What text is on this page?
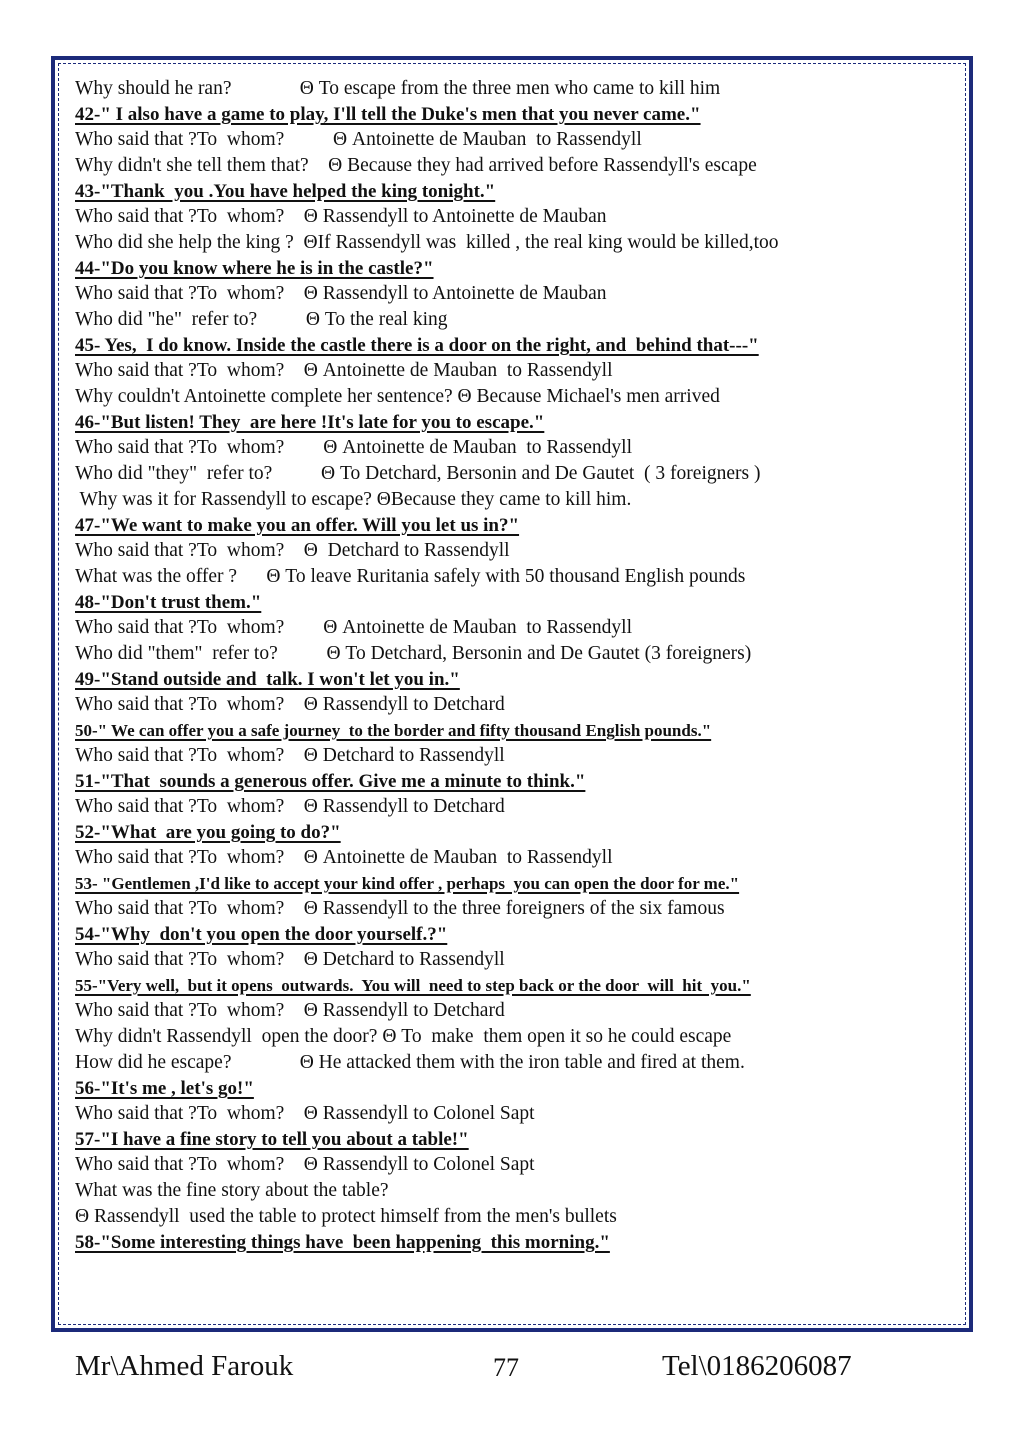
Why should he ran?              Θ To escape from the three men who came to kill him
42-" I also have a game to play, I'll tell the Duke's men that you never came."
Who said that ?To  whom?          Θ Antoinette de Mauban  to Rassendyll
Why didn't she tell them that?    Θ Because they had arrived before Rassendyll's escape
43-"Thank  you .You have helped the king tonight."
Who said that ?To  whom?    Θ Rassendyll to Antoinette de Mauban
Who did she help the king ?  ΘIf Rassendyll was  killed , the real king would be killed,too
44-"Do you know where he is in the castle?"
Who said that ?To  whom?    Θ Rassendyll to Antoinette de Mauban
Who did "he"  refer to?          Θ To the real king
45- Yes,  I do know. Inside the castle there is a door on the right, and  behind that---"
Who said that ?To  whom?    Θ Antoinette de Mauban  to Rassendyll
Why couldn't Antoinette complete her sentence? Θ Because Michael's men arrived
46-"But listen! They  are here !It's late for you to escape."
Who said that ?To  whom?        Θ Antoinette de Mauban  to Rassendyll
Who did "they"  refer to?          Θ To Detchard, Bersonin and De Gautet  ( 3 foreigners )
Why was it for Rassendyll to escape? ΘBecause they came to kill him.
47-"We want to make you an offer. Will you let us in?"
Who said that ?To  whom?    Θ  Detchard to Rassendyll
What was the offer ?      Θ To leave Ruritania safely with 50 thousand English pounds
48-"Don't trust them."
Who said that ?To  whom?        Θ Antoinette de Mauban  to Rassendyll
Who did "them"  refer to?          Θ To Detchard, Bersonin and De Gautet (3 foreigners)
49-"Stand outside and  talk. I won't let you in."
Who said that ?To  whom?    Θ Rassendyll to Detchard
50-" We can offer you a safe journey  to the border and fifty thousand English pounds."
Who said that ?To  whom?    Θ Detchard to Rassendyll
51-"That  sounds a generous offer. Give me a minute to think."
Who said that ?To  whom?    Θ Rassendyll to Detchard
52-"What  are you going to do?"
Who said that ?To  whom?    Θ Antoinette de Mauban  to Rassendyll
53- "Gentlemen ,I'd like to accept your kind offer , perhaps  you can open the door for me."
Who said that ?To  whom?    Θ Rassendyll to the three foreigners of the six famous
54-"Why  don't you open the door yourself.?"
Who said that ?To  whom?    Θ Detchard to Rassendyll
55-"Very well,  but it opens  outwards.  You will  need to step back or the door  will  hit  you."
Who said that ?To  whom?    Θ Rassendyll to Detchard
Why didn't Rassendyll  open the door? Θ To  make  them open it so he could escape
How did he escape?              Θ He attacked them with the iron table and fired at them.
56-"It's me , let's go!"
Who said that ?To  whom?    Θ Rassendyll to Colonel Sapt
57-"I have a fine story to tell you about a table!"
Who said that ?To  whom?    Θ Rassendyll to Colonel Sapt
What was the fine story about the table?
Θ Rassendyll  used the table to protect himself from the men's bullets
58-"Some interesting things have  been happening  this morning."
Mr\Ahmed Farouk	77	Tel\0186206087
